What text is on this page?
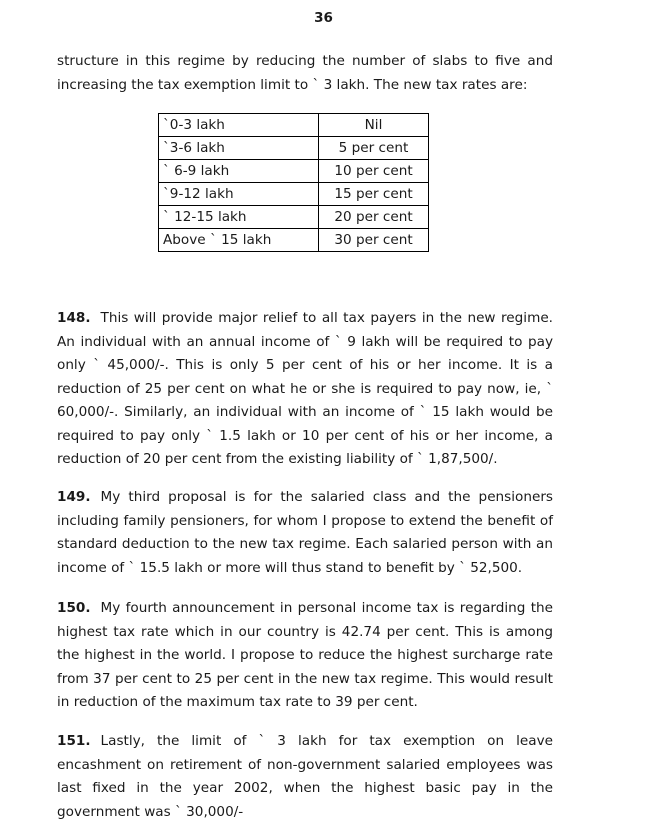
36

structure in this regime by reducing the number of slabs to five and increasing the tax exemption limit to ` 3 lakh. The new tax rates are:

`0-3 lakh	Nil
`3-6 lakh	5 per cent
` 6-9 lakh	10 per cent
`9-12 lakh	15 per cent
` 12-15 lakh	20 per cent
Above ` 15 lakh	30 per cent

148. This will provide major relief to all tax payers in the new regime. An individual with an annual income of ` 9 lakh will be required to pay only ` 45,000/-. This is only 5 per cent of his or her income. It is a reduction of 25 per cent on what he or she is required to pay now, ie, ` 60,000/-. Similarly, an individual with an income of ` 15 lakh would be required to pay only ` 1.5 lakh or 10 per cent of his or her income, a reduction of 20 per cent from the existing liability of ` 1,87,500/.

149. My third proposal is for the salaried class and the pensioners including family pensioners, for whom I propose to extend the benefit of standard deduction to the new tax regime. Each salaried person with an income of ` 15.5 lakh or more will thus stand to benefit by ` 52,500.

150. My fourth announcement in personal income tax is regarding the highest tax rate which in our country is 42.74 per cent. This is among the highest in the world. I propose to reduce the highest surcharge rate from 37 per cent to 25 per cent in the new tax regime. This would result in reduction of the maximum tax rate to 39 per cent.

151. Lastly, the limit of ` 3 lakh for tax exemption on leave encashment on retirement of non-government salaried employees was last fixed in the year 2002, when the highest basic pay in the government was ` 30,000/-
